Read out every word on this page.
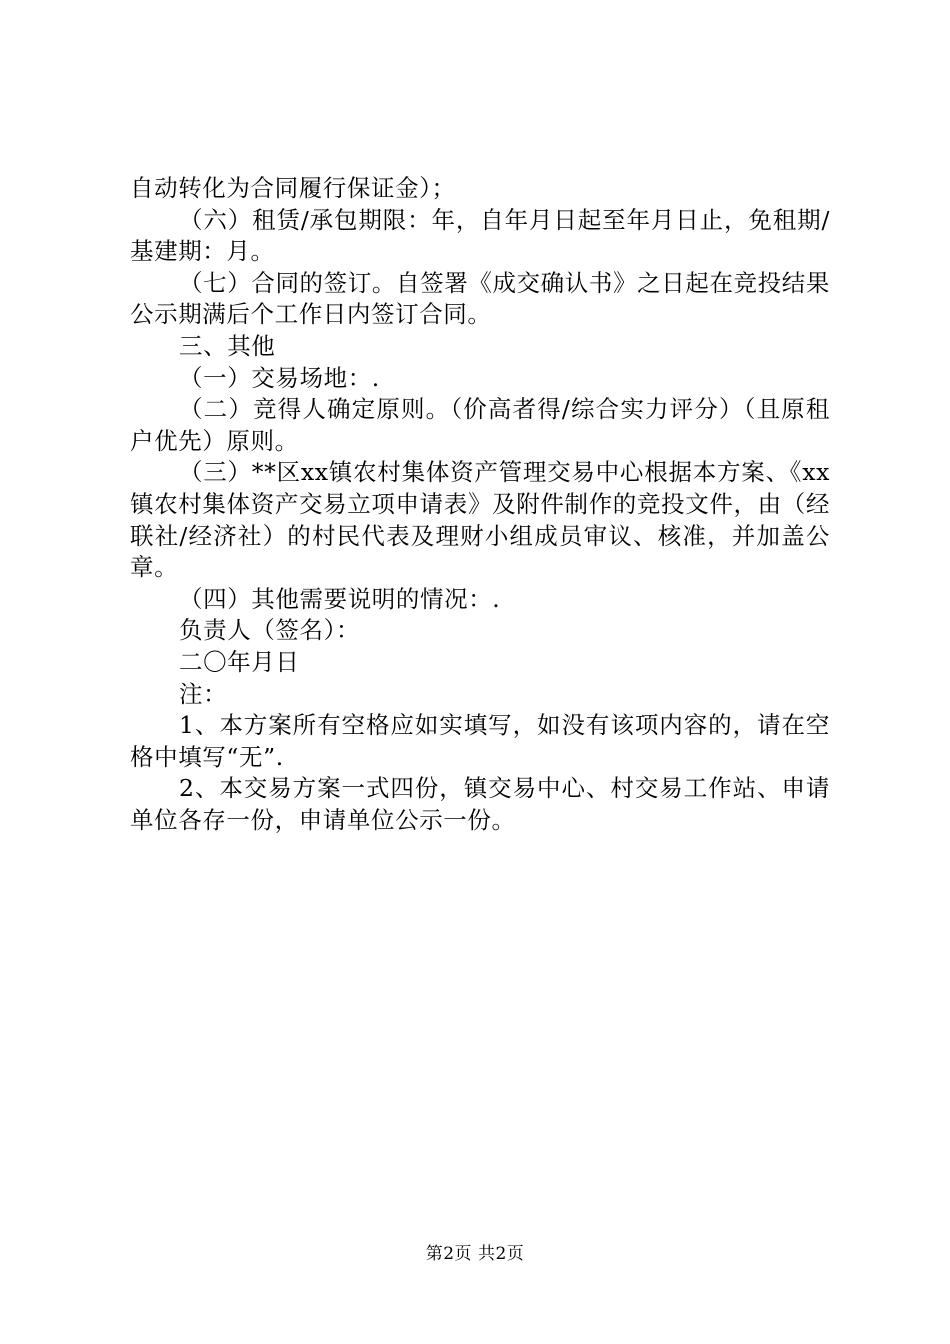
自动转化为合同履行保证金）；

（六）租赁/承包期限：年，自年月日起至年月日止，免租期/基建期：月。

（七）合同的签订。自签署《成交确认书》之日起在竞投结果公示期满后个工作日内签订合同。

三、其他

（一）交易场地：.

（二）竞得人确定原则。（价高者得/综合实力评分）（且原租户优先）原则。

（三）**区xx镇农村集体资产管理交易中心根据本方案、《xx镇农村集体资产交易立项申请表》及附件制作的竞投文件，由（经联社/经济社）的村民代表及理财小组成员审议、核准，并加盖公章。

（四）其他需要说明的情况：.

负责人（签名）：

二〇年月日

注：

1、本方案所有空格应如实填写，如没有该项内容的，请在空格中填写“无”.

2、本交易方案一式四份，镇交易中心、村交易工作站、申请单位各存一份，申请单位公示一份。

第2页 共2页
